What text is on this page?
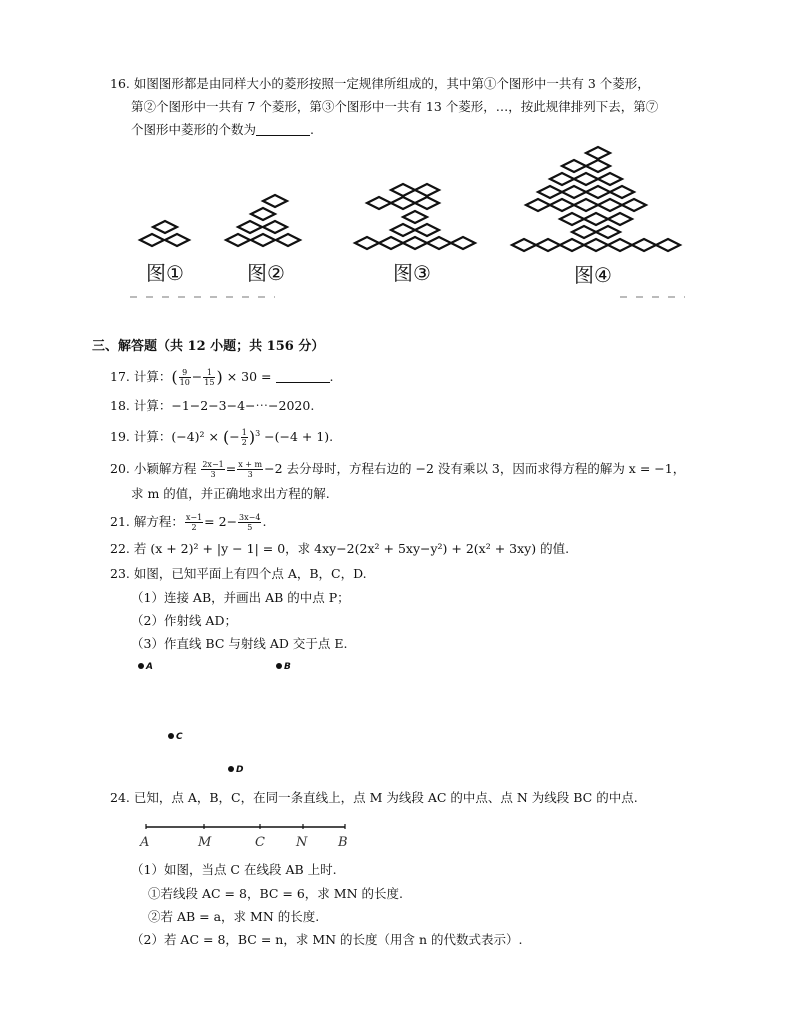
16. 如图图形都是由同样大小的菱形按照一定规律所组成的，其中第①个图形中一共有 3 个菱形，
第②个图形中一共有 7 个菱形，第③个图形中一共有 13 个菱形，…，按此规律排列下去，第⑦
个图形中菱形的个数为	.
图①	图②	图③	图④
三、解答题（共 12 小题；共 156 分）
17. 计算：( $\frac{9}{10} - \frac{1}{15}$ ) × 30 =	.
18. 计算：−1−2−3−4−⋯−2020.
19. 计算：(−4)² × (− $\frac{1}{2} )^3 -(-4 + 1)$.
20. 小颖解方程 $\frac{2x-1}{3} = \frac{x + m}{3} -2$ 去分母时，方程右边的 −2 没有乘以 3，因而求得方程的解为 x = −1，
求 m 的值，并正确地求出方程的解.
21. 解方程： $\frac{x-1}{2} = 2- \frac{3x-4}{5}$ .
22. 若 (x + 2)² + |y − 1| = 0，求 4xy−2(2x² + 5xy−y²) + 2(x² + 3xy) 的值.
23. 如图，已知平面上有四个点 A，B，C，D.
（1）连接 AB，并画出 AB 的中点 P；
（2）作射线 AD；
（3）作直线 BC 与射线 AD 交于点 E.
A	B
C
D
24. 已知，点 A，B，C，在同一条直线上，点 M 为线段 AC 的中点、点 N 为线段 BC 的中点.
A	M	C N B
（1）如图，当点 C 在线段 AB 上时.
①若线段 AC = 8，BC = 6，求 MN 的长度.
②若 AB = a，求 MN 的长度.
（2）若 AC = 8，BC = n，求 MN 的长度（用含 n 的代数式表示）.
